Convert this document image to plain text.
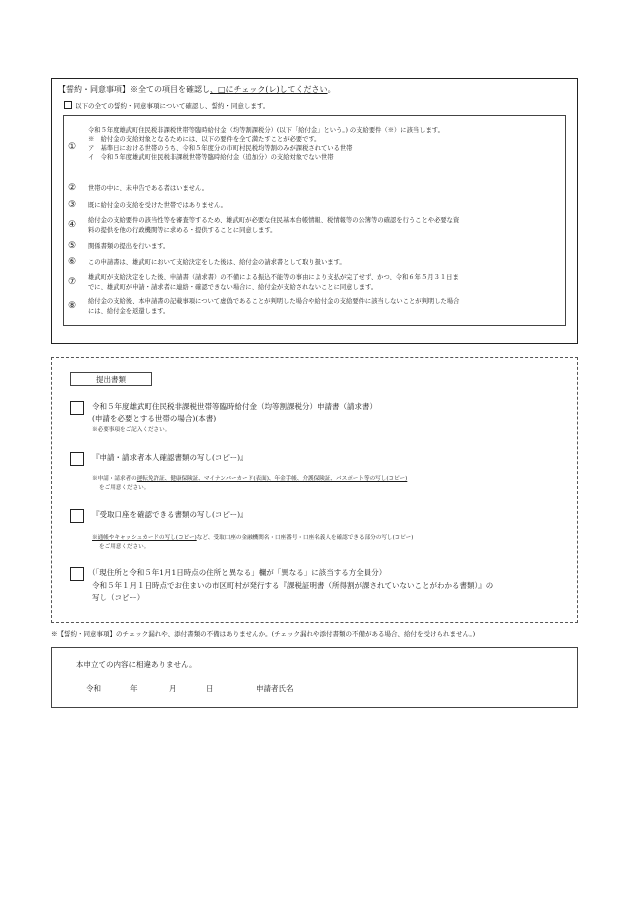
【誓約・同意事項】※全ての項目を確認し、□にチェック(レ)してください。
以下の全ての誓約・同意事項について確認し、誓約・同意します。
①
令和５年度雄武町住民税非課税世帯等臨時給付金（均等割課税分）(以下「給付金」という。) の支給要件（※）に該当します。
※　給付金の支給対象となるためには、以下の要件を全て満たすことが必要です。
ア　基準日における世帯のうち、令和５年度分の市町村民税均等割のみが課税されている世帯
イ　令和５年度雄武町住民税非課税世帯等臨時給付金（追加分）の支給対象でない世帯
② 世帯の中に、未申告である者はいません。
③ 既に給付金の支給を受けた世帯ではありません。
④ 給付金の支給要件の該当性等を審査等するため、雄武町が必要な住民基本台帳情報、税情報等の公簿等の確認を行うことや必要な資
料の提供を他の行政機関等に求める・提供することに同意します。
⑤ 関係書類の提出を行います。
⑥ この申請書は、雄武町において支給決定をした後は、給付金の請求書として取り扱います。
⑦ 雄武町が支給決定をした後、申請書（請求書）の不備による振込不能等の事由により支払が完了せず、かつ、令和６年５月３１日ま
でに、雄武町が申請・請求者に連絡・確認できない場合に、給付金が支給されないことに同意します。
⑧ 給付金の支給後、本申請書の記載事項について虚偽であることが判明した場合や給付金の支給要件に該当しないことが判明した場合
には、給付金を返還します。
提出書類
令和５年度雄武町住民税非課税世帯等臨時給付金（均等割課税分）申請書（請求書）
(申請を必要とする世帯の場合)(本書)
※必要事項をご記入ください。
『申請・請求者本人確認書類の写し(コピー)』
※申請・請求者の運転免許証、健康保険証、マイナンバーカード(表面)、年金手帳、介護保険証、パスポート等の写し(コピー)
をご用意ください。
『受取口座を確認できる書類の写し(コピー)』
※通帳やキャッシュカードの写し(コピー)など、受取口座の金融機関名・口座番号・口座名義人を確認できる部分の写し(コピー)
をご用意ください。
（「現住所と令和５年1月1日時点の住所と異なる」欄が「異なる」に該当する方全員分）
令和５年１月１日時点でお住まいの市区町村が発行する『課税証明書（所得割が課されていないことがわかる書類）』の
写し（コピー）
※【誓約・同意事項】のチェック漏れや、添付書類の不備はありませんか。(チェック漏れや添付書類の不備がある場合、給付を受けられません。)
本申立ての内容に相違ありません。
令和	年	月	日	申請者氏名
